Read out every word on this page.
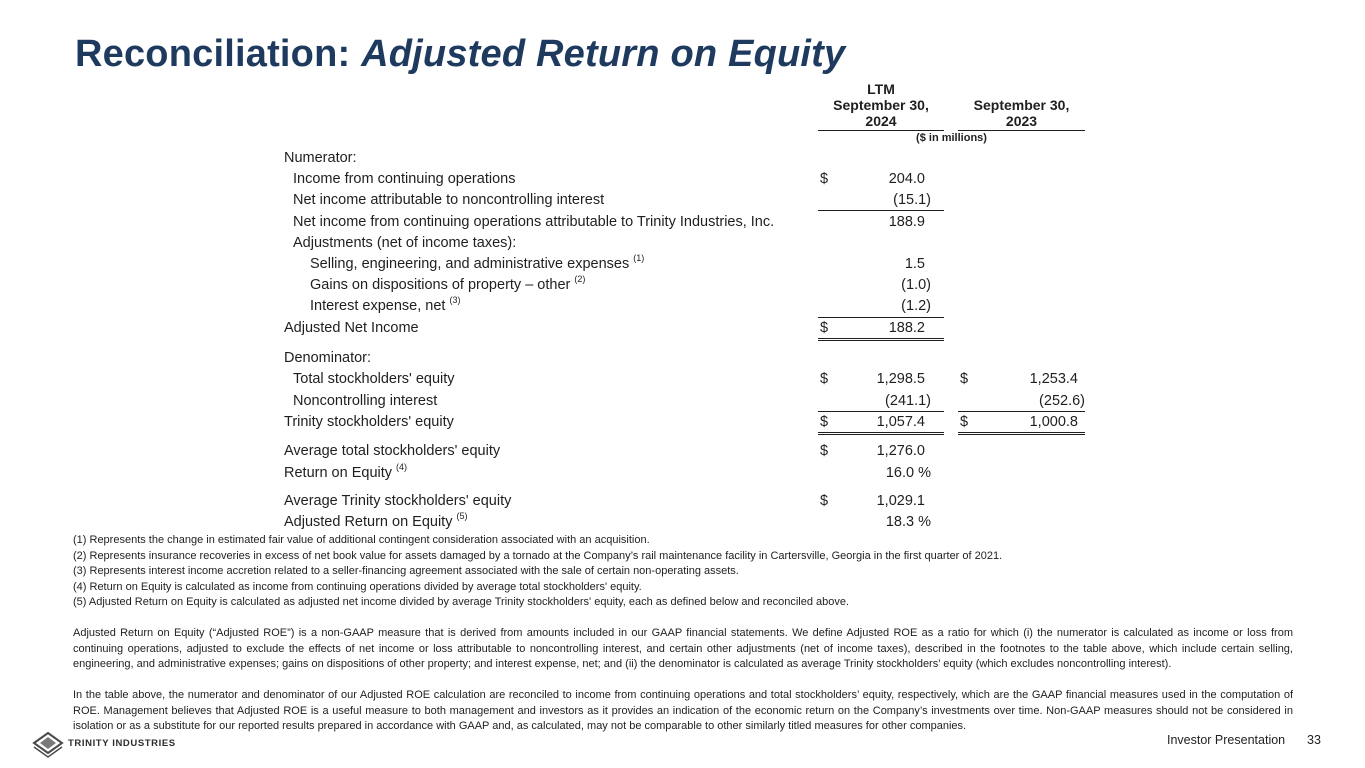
Reconciliation: Adjusted Return on Equity
LTM
September 30,
2024
September 30,
2023
($ in millions)
Numerator:
Income from continuing operations	$	204.0
Net income attributable to noncontrolling interest	(15.1)
Net income from continuing operations attributable to Trinity Industries, Inc.	188.9
Adjustments (net of income taxes):
Selling, engineering, and administrative expenses $^{(1)}$	1.5
Gains on dispositions of property – other $^{(2)}$	(1.0)
Interest expense, net $^{(3)}$	(1.2)
Adjusted Net Income	$	188.2
Denominator:
Total stockholders' equity	$	1,298.5 $	1,253.4
Noncontrolling interest	(241.1)	(252.6)
Trinity stockholders' equity	$	1,057.4 $	1,000.8
Average total stockholders' equity	$	1,276.0
Return on Equity $^{(4)}$	16.0 %
Average Trinity stockholders' equity	$	1,029.1
Adjusted Return on Equity $^{(5)}$	18.3 %

(1) Represents the change in estimated fair value of additional contingent consideration associated with an acquisition.

(2) Represents insurance recoveries in excess of net book value for assets damaged by a tornado at the Company’s rail maintenance facility in Cartersville, Georgia in the first quarter of 2021.

(3) Represents interest income accretion related to a seller-financing agreement associated with the sale of certain non-operating assets.

(4) Return on Equity is calculated as income from continuing operations divided by average total stockholders' equity.

(5) Adjusted Return on Equity is calculated as adjusted net income divided by average Trinity stockholders' equity, each as defined below and reconciled above.

Adjusted Return on Equity (“Adjusted ROE”) is a non-GAAP measure that is derived from amounts included in our GAAP financial statements. We define Adjusted ROE as a ratio for which (i) the numerator is calculated as income or loss from continuing operations, adjusted to exclude the effects of net income or loss attributable to noncontrolling interest, and certain other adjustments (net of income taxes), described in the footnotes to the table above, which include certain selling, engineering, and administrative expenses; gains on dispositions of other property; and interest expense, net; and (ii) the denominator is calculated as average Trinity stockholders’ equity (which excludes noncontrolling interest).

In the table above, the numerator and denominator of our Adjusted ROE calculation are reconciled to income from continuing operations and total stockholders’ equity, respectively, which are the GAAP financial measures used in the computation of ROE. Management believes that Adjusted ROE is a useful measure to both management and investors as it provides an indication of the economic return on the Company’s investments over time. Non-GAAP measures should not be considered in isolation or as a substitute for our reported results prepared in accordance with GAAP and, as calculated, may not be comparable to other similarly titled measures for other companies.

TRINITY INDUSTRIES	Investor Presentation 33
